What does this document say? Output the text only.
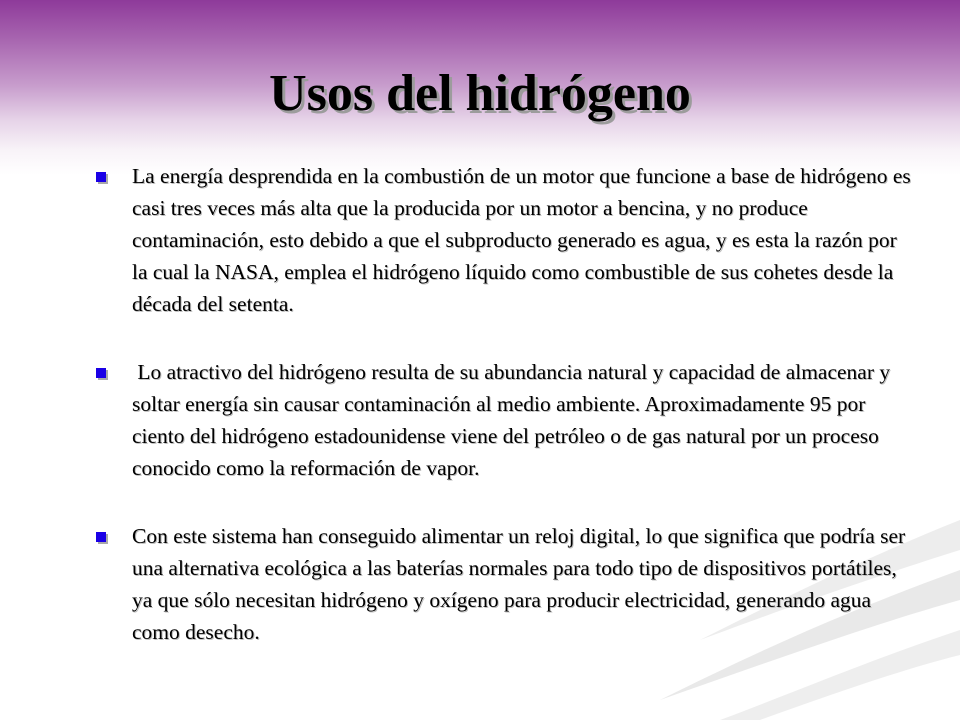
Usos del hidrógeno
La energía desprendida en la combustión de un motor que funcione a base de hidrógeno es casi tres veces más alta que la producida por un motor a bencina, y no produce contaminación, esto debido a que el subproducto generado es agua, y es esta la razón por la cual la NASA, emplea el hidrógeno líquido como combustible de sus cohetes desde la década del setenta.
Lo atractivo del hidrógeno resulta de su abundancia natural y capacidad de almacenar y soltar energía sin causar contaminación al medio ambiente. Aproximadamente 95 por ciento del hidrógeno estadounidense viene del petróleo o de gas natural por un proceso conocido como la reformación de vapor.
Con este sistema han conseguido alimentar un reloj digital, lo que significa que podría ser una alternativa ecológica a las baterías normales para todo tipo de dispositivos portátiles, ya que sólo necesitan hidrógeno y oxígeno para producir electricidad, generando agua como desecho.
